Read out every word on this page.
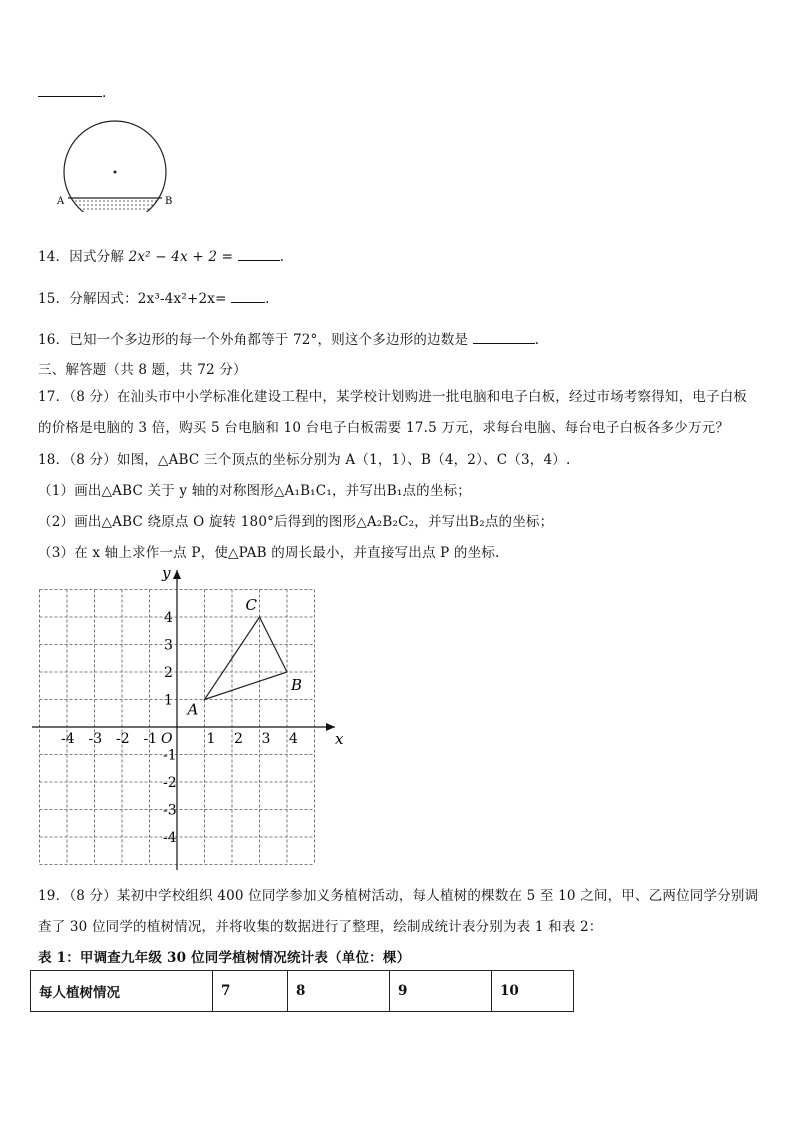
.
A	B
14．因式分解 2x² − 4x + 2 =	.
15．分解因式：2x³-4x²+2x=	.
16．已知一个多边形的每一个外角都等于 72°，则这个多边形的边数是	.
三、解答题（共 8 题，共 72 分）
17．（8 分）在汕头市中小学标准化建设工程中，某学校计划购进一批电脑和电子白板，经过市场考察得知，电子白板
的价格是电脑的 3 倍，购买 5 台电脑和 10 台电子白板需要 17.5 万元，求每台电脑、每台电子白板各多少万元？
18．（8 分）如图，△ABC 三个顶点的坐标分别为 A（1，1）、B（4，2）、C（3，4）.
（1）画出△ABC 关于 y 轴的对称图形△A₁B₁C₁，并写出B₁点的坐标；
（2）画出△ABC 绕原点 O 旋转 180°后得到的图形△A₂B₂C₂，并写出B₂点的坐标；
（3）在 x 轴上求作一点 P，使△PAB 的周长最小，并直接写出点 P 的坐标.
x
y
O
-4 -3 -2 -1	1 2 3 4
4
3
2
1
-1
-2
-3
-4
A
B
C
19．（8 分）某初中学校组织 400 位同学参加义务植树活动，每人植树的棵数在 5 至 10 之间，甲、乙两位同学分别调
查了 30 位同学的植树情况，并将收集的数据进行了整理，绘制成统计表分别为表 1 和表 2：
表 1：甲调查九年级 30 位同学植树情况统计表（单位：棵）
每人植树情况	7	8	9	10
